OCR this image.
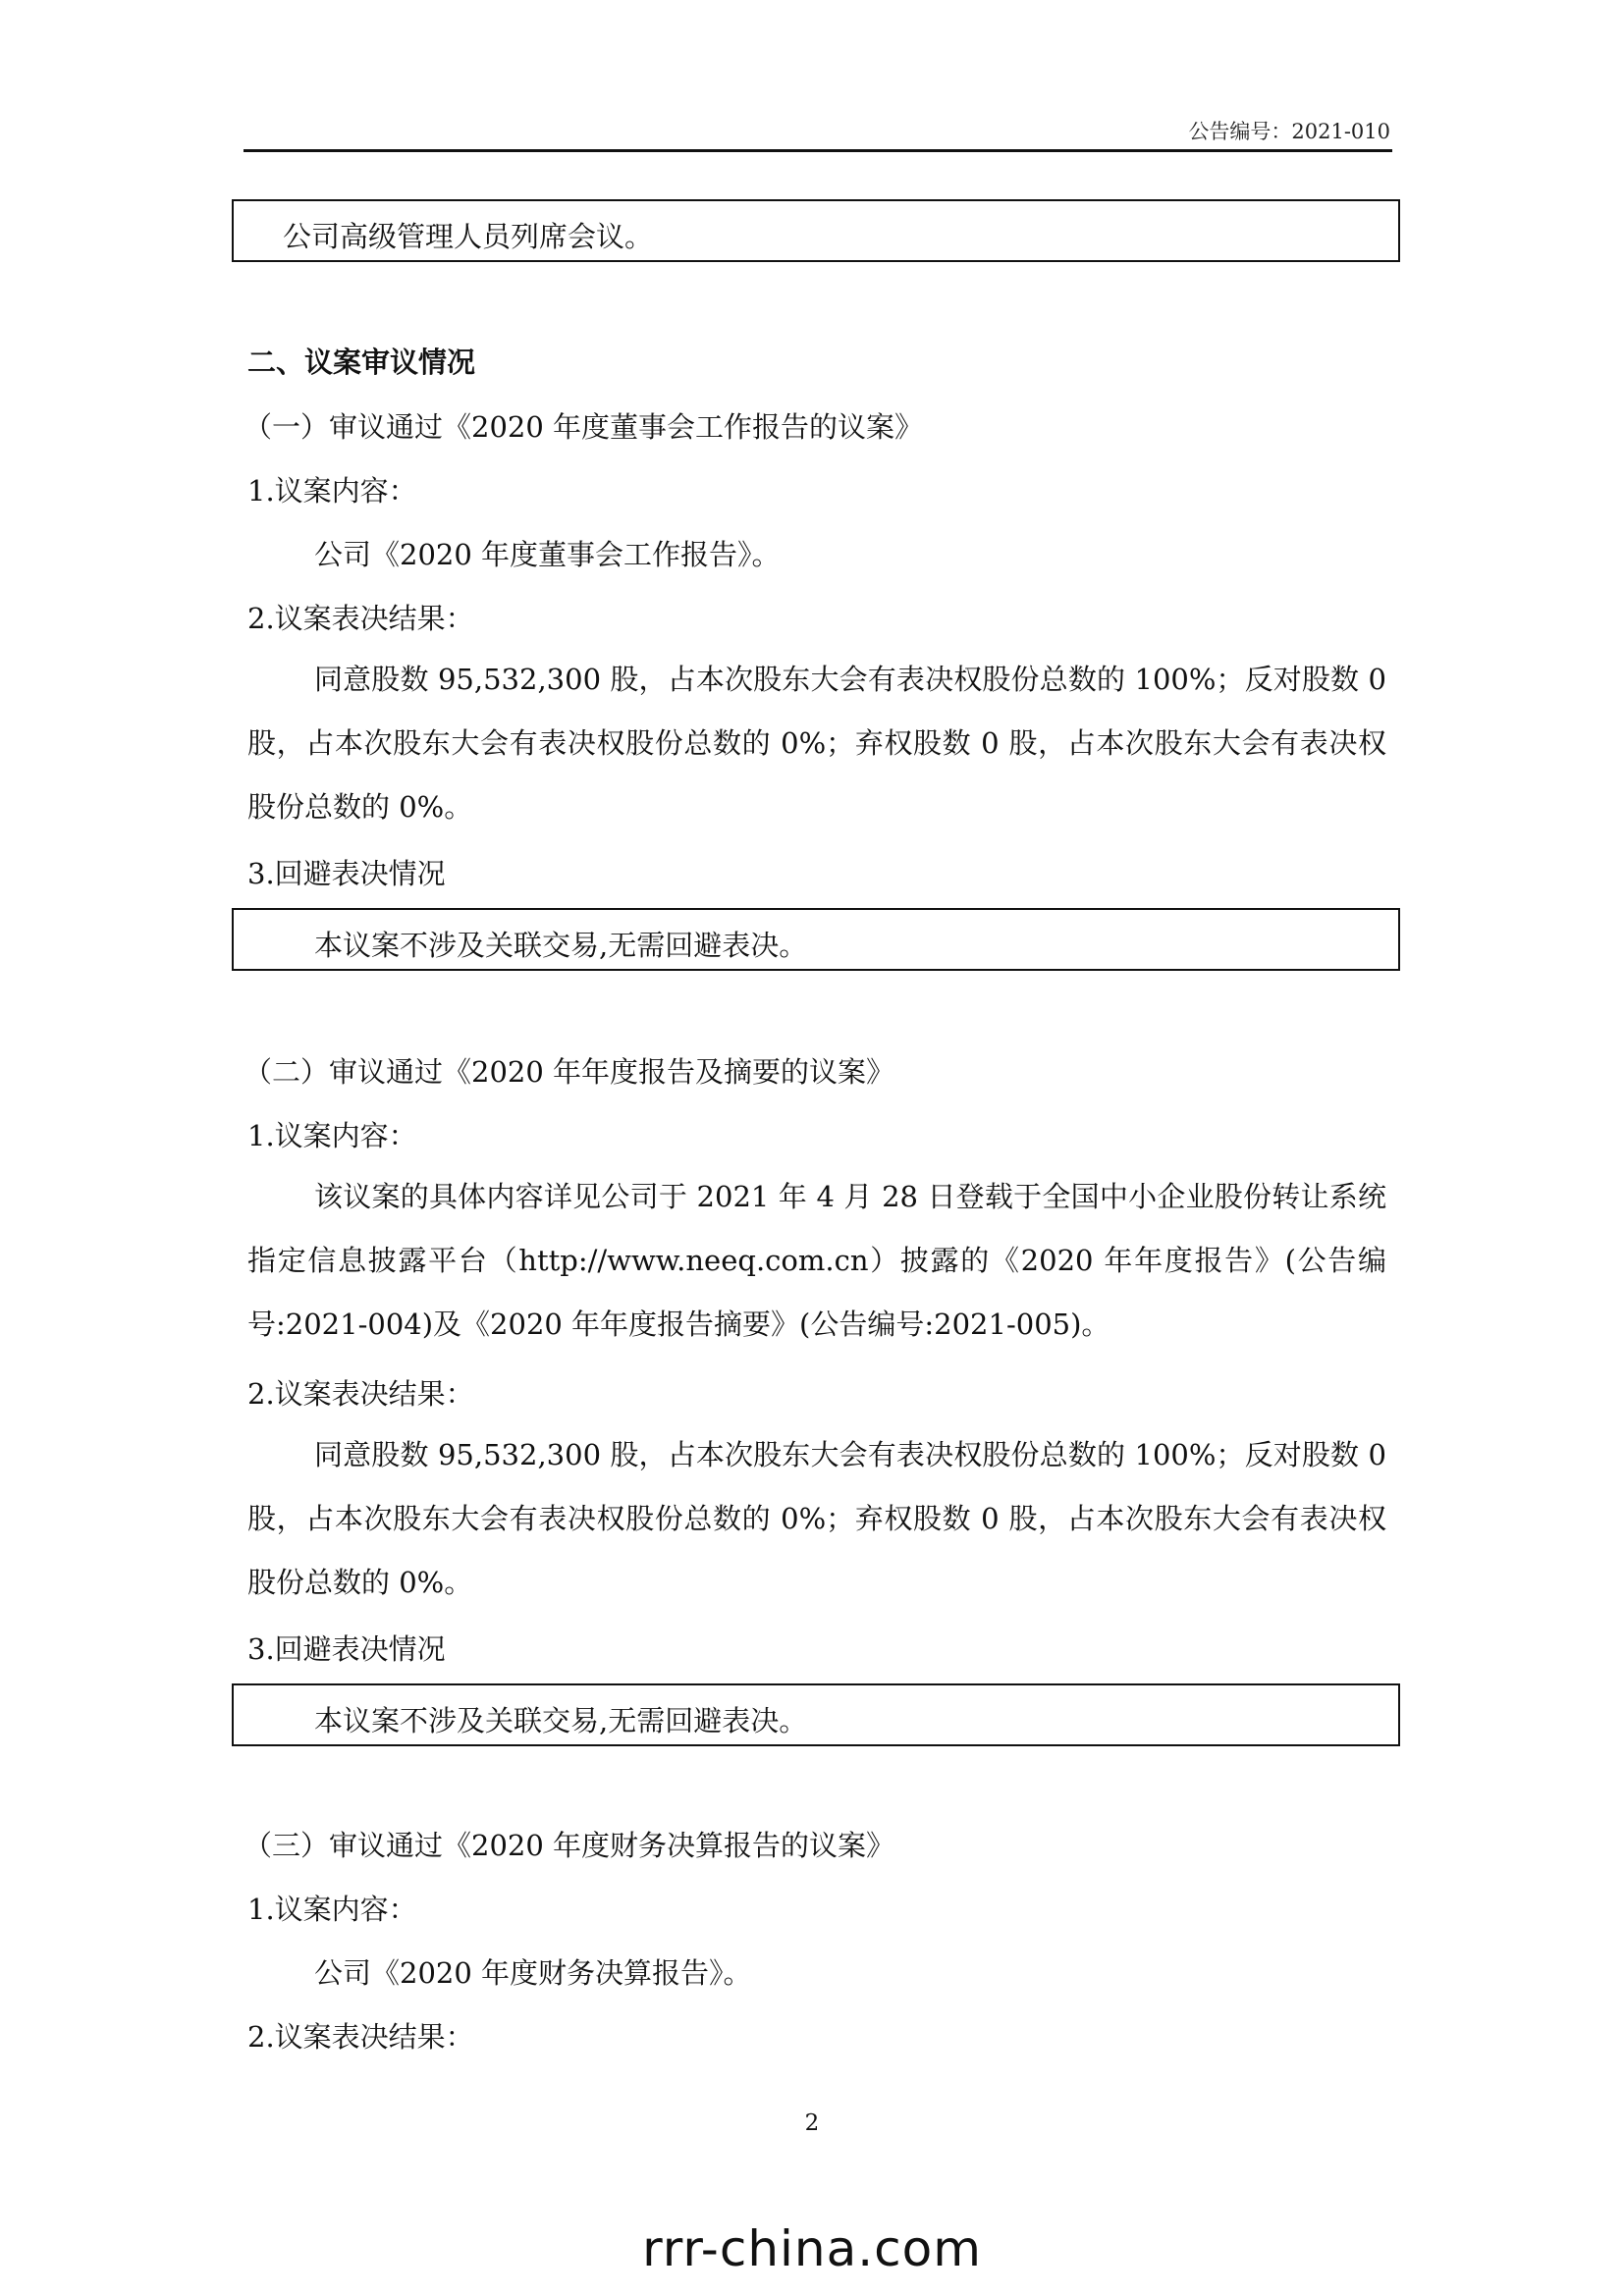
公告编号：2021-010
公司高级管理人员列席会议。
二、议案审议情况
（一）审议通过《2020 年度董事会工作报告的议案》
1.议案内容：
公司《2020 年度董事会工作报告》。
2.议案表决结果：

同意股数 95,532,300 股，占本次股东大会有表决权股份总数的 100%；反对股数 0 股，占本次股东大会有表决权股份总数的 0%；弃权股数 0 股，占本次股东大会有表决权股份总数的 0%。

3.回避表决情况
本议案不涉及关联交易,无需回避表决。
（二）审议通过《2020 年年度报告及摘要的议案》
1.议案内容：

该议案的具体内容详见公司于 2021 年 4 月 28 日登载于全国中小企业股份转让系统指定信息披露平台（http://www.neeq.com.cn）披露的《2020 年年度报告》(公告编号:2021-004)及《2020 年年度报告摘要》(公告编号:2021-005)。

2.议案表决结果：

同意股数 95,532,300 股，占本次股东大会有表决权股份总数的 100%；反对股数 0 股，占本次股东大会有表决权股份总数的 0%；弃权股数 0 股，占本次股东大会有表决权股份总数的 0%。

3.回避表决情况
本议案不涉及关联交易,无需回避表决。
（三）审议通过《2020 年度财务决算报告的议案》
1.议案内容：
公司《2020 年度财务决算报告》。
2.议案表决结果：
2
rrr-china.com
